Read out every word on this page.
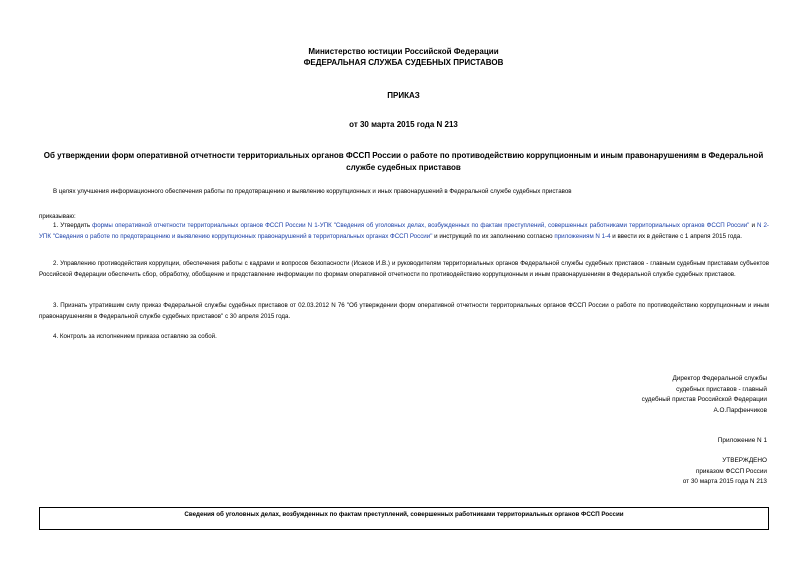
Министерство юстиции Российской Федерации
ФЕДЕРАЛЬНАЯ СЛУЖБА СУДЕБНЫХ ПРИСТАВОВ
ПРИКАЗ
от 30 марта 2015 года N 213
Об утверждении форм оперативной отчетности территориальных органов ФССП России о работе по противодействию коррупционным и иным правонарушениям в Федеральной службе судебных приставов
В целях улучшения информационного обеспечения работы по предотвращению и выявлению коррупционных и иных правонарушений в Федеральной службе судебных приставов
приказываю:
1. Утвердить формы оперативной отчетности территориальных органов ФССП России N 1-УПК "Сведения об уголовных делах, возбужденных по фактам преступлений, совершенных работниками территориальных органов ФССП России" и N 2-УПК "Сведения о работе по предотвращению и выявлению коррупционных правонарушений в территориальных органах ФССП России" и инструкций по их заполнению согласно приложениям N 1-4 и ввести их в действие с 1 апреля 2015 года.
2. Управлению противодействия коррупции, обеспечения работы с кадрами и вопросов безопасности (Исаков И.В.) и руководителям территориальных органов Федеральной службы судебных приставов - главным судебным приставам субъектов Российской Федерации обеспечить сбор, обработку, обобщение и представление информации по формам оперативной отчетности по противодействию коррупционным и иным правонарушениям в Федеральной службе судебных приставов.
3. Признать утратившим силу приказ Федеральной службы судебных приставов от 02.03.2012 N 76 "Об утверждении форм оперативной отчетности территориальных органов ФССП России о работе по противодействию коррупционным и иным правонарушениям в Федеральной службе судебных приставов" с 30 апреля 2015 года.
4. Контроль за исполнением приказа оставляю за собой.
Директор Федеральной службы
судебных приставов - главный
судебный пристав Российской Федерации
А.О.Парфенчиков
Приложение N 1
УТВЕРЖДЕНО
приказом ФССП России
от 30 марта 2015 года N 213
Сведения об уголовных делах, возбужденных по фактам преступлений, совершенных работниками территориальных органов ФССП России
